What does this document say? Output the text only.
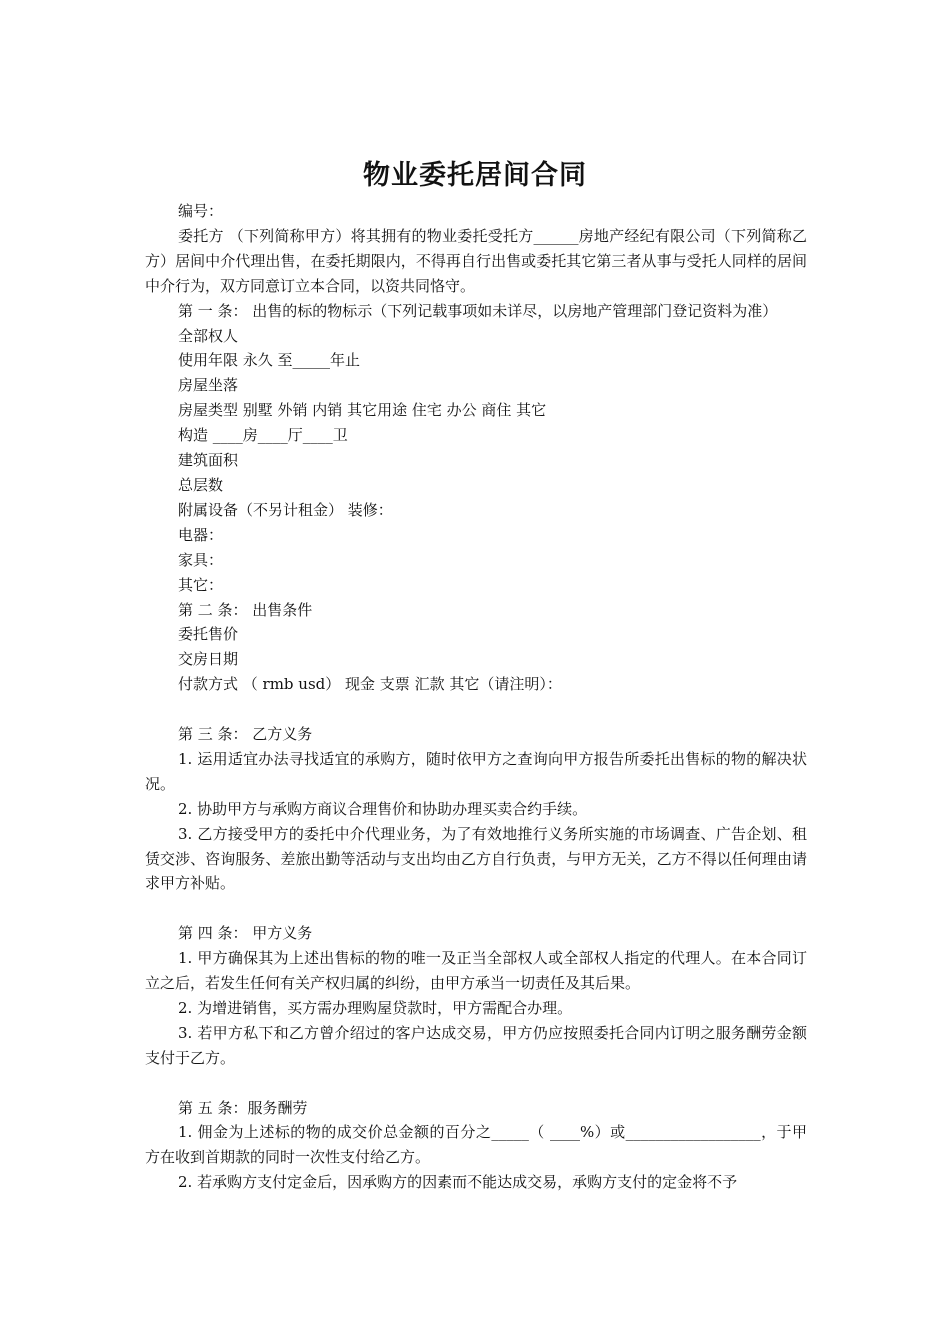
物业委托居间合同

编号：

委托方 （下列简称甲方）将其拥有的物业委托受托方______房地产经纪有限公司（下列简称乙方）居间中介代理出售，在委托期限内，不得再自行出售或委托其它第三者从事与受托人同样的居间中介行为，双方同意订立本合同，以资共同恪守。

第 一 条： 出售的标的物标示（下列记载事项如未详尽，以房地产管理部门登记资料为准）

全部权人

使用年限 永久 至_____年止

房屋坐落

房屋类型 别墅 外销 内销 其它用途 住宅 办公 商住 其它

构造 ____房____厅____卫

建筑面积

总层数

附属设备（不另计租金） 装修：

电器：

家具：

其它：

第 二 条： 出售条件

委托售价

交房日期

付款方式 （ rmb usd） 现金 支票 汇款 其它（请注明）：

第 三 条： 乙方义务

1. 运用适宜办法寻找适宜的承购方，随时依甲方之查询向甲方报告所委托出售标的物的解决状况。

2. 协助甲方与承购方商议合理售价和协助办理买卖合约手续。

3. 乙方接受甲方的委托中介代理业务，为了有效地推行义务所实施的市场调查、广告企划、租赁交涉、咨询服务、差旅出勤等活动与支出均由乙方自行负责，与甲方无关，乙方不得以任何理由请求甲方补贴。

第 四 条： 甲方义务

1. 甲方确保其为上述出售标的物的唯一及正当全部权人或全部权人指定的代理人。在本合同订立之后，若发生任何有关产权归属的纠纷，由甲方承当一切责任及其后果。

2. 为增进销售，买方需办理购屋贷款时，甲方需配合办理。

3. 若甲方私下和乙方曾介绍过的客户达成交易，甲方仍应按照委托合同内订明之服务酬劳金额支付于乙方。

第 五 条：服务酬劳

1. 佣金为上述标的物的成交价总金额的百分之_____（ ____%）或__________________，于甲方在收到首期款的同时一次性支付给乙方。

2. 若承购方支付定金后，因承购方的因素而不能达成交易，承购方支付的定金将不予
